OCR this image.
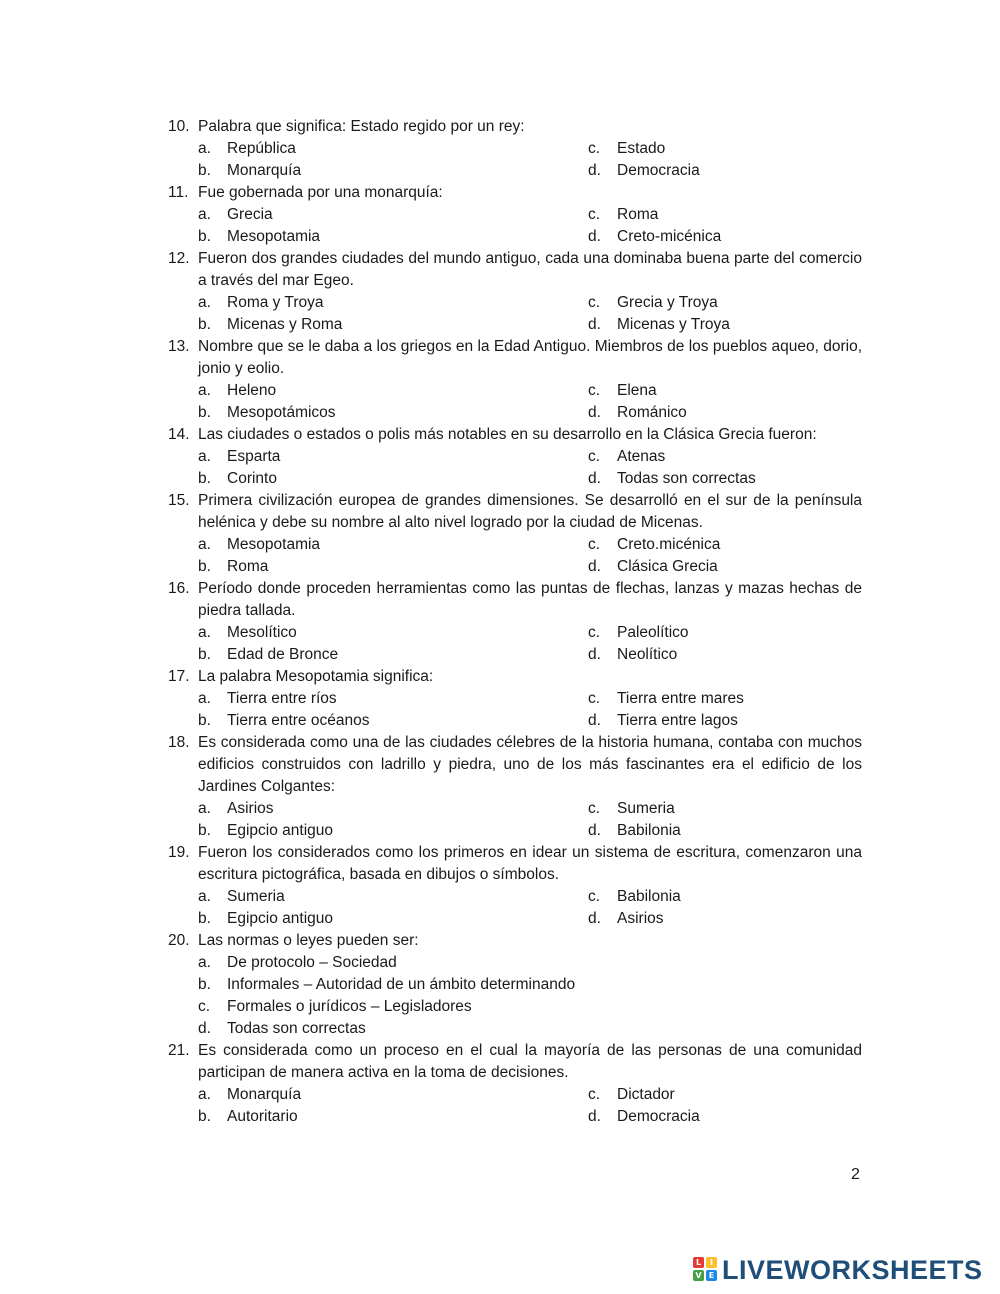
10. Palabra que significa: Estado regido por un rey:
a.	República	c.	Estado
b.	Monarquía	d.	Democracia
11. Fue gobernada por una monarquía:
a.	Grecia	c.	Roma
b.	Mesopotamia	d.	Creto-micénica
12. Fueron dos grandes ciudades del mundo antiguo, cada una dominaba buena parte del comercio a través del mar Egeo.
a.	Roma y Troya	c.	Grecia y Troya
b.	Micenas y Roma	d.	Micenas y Troya
13. Nombre que se le daba a los griegos en la Edad Antiguo. Miembros de los pueblos aqueo, dorio, jonio y eolio.
a.	Heleno	c.	Elena
b.	Mesopotámicos	d.	Románico
14. Las ciudades o estados o polis más notables en su desarrollo en la Clásica Grecia fueron:
a.	Esparta	c.	Atenas
b.	Corinto	d.	Todas son correctas
15. Primera civilización europea de grandes dimensiones. Se desarrolló en el sur de la península helénica y debe su nombre al alto nivel logrado por la ciudad de Micenas.
a.	Mesopotamia	c.	Creto.micénica
b.	Roma	d.	Clásica Grecia
16. Período donde proceden herramientas como las puntas de flechas, lanzas y mazas hechas de piedra tallada.
a.	Mesolítico	c.	Paleolítico
b.	Edad de Bronce	d.	Neolítico
17. La palabra Mesopotamia significa:
a.	Tierra entre ríos	c.	Tierra entre mares
b.	Tierra entre océanos	d.	Tierra entre lagos
18. Es considerada como una de las ciudades célebres de la historia humana, contaba con muchos edificios construidos con ladrillo y piedra, uno de los más fascinantes era el edificio de los Jardines Colgantes:
a.	Asirios	c.	Sumeria
b.	Egipcio antiguo	d.	Babilonia
19. Fueron los considerados como los primeros en idear un sistema de escritura, comenzaron una escritura pictográfica, basada en dibujos o símbolos.
a.	Sumeria	c.	Babilonia
b.	Egipcio antiguo	d.	Asirios
20. Las normas o leyes pueden ser:
a.	De protocolo – Sociedad
b.	Informales – Autoridad de un ámbito determinando
c.	Formales o jurídicos – Legisladores
d.	Todas son correctas
21. Es considerada como un proceso en el cual la mayoría de las personas de una comunidad participan de manera activa en la toma de decisiones.
a.	Monarquía	c.	Dictador
b.	Autoritario	d.	Democracia
2
L	I
V E LIVEWORKSHEETS
